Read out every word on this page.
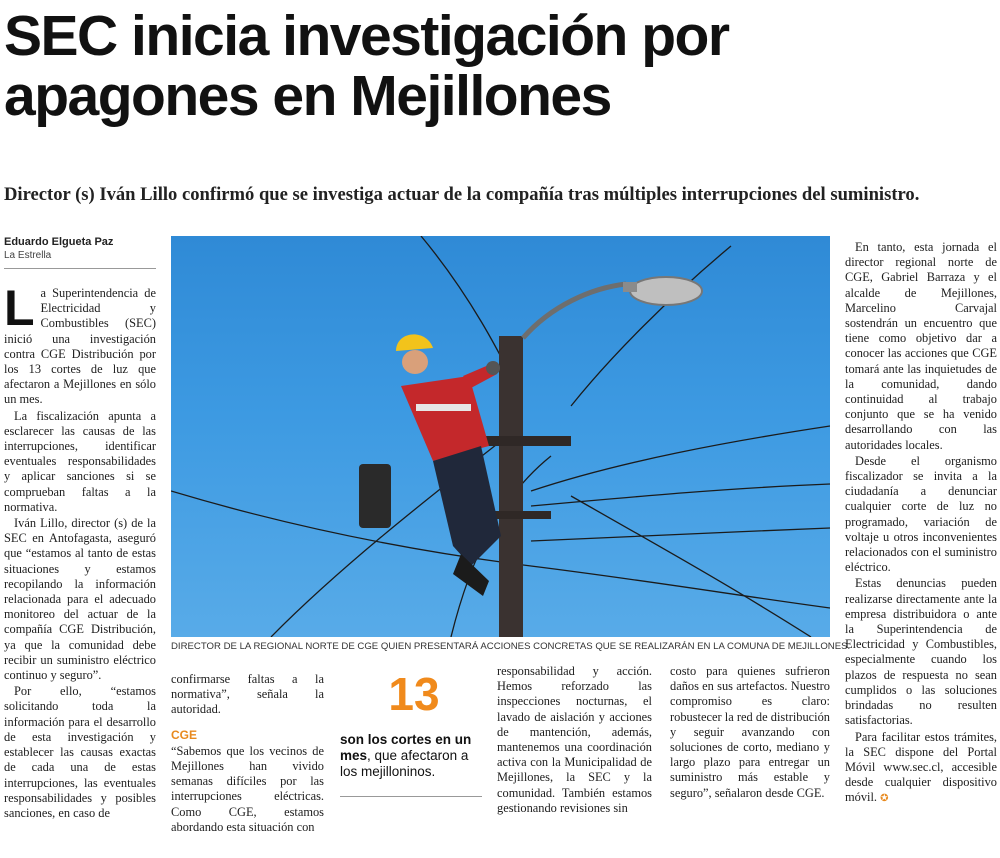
SEC inicia investigación por
apagones en Mejillones
Director (s) Iván Lillo confirmó que se investiga actuar de la compañía tras múltiples interrupciones del suministro.
Eduardo Elgueta Paz
La Estrella

La Superintendencia de Electricidad y Combustibles (SEC) inició una investigación contra CGE Distribución por los 13 cortes de luz que afectaron a Mejillones en sólo un mes.

La fiscalización apunta a esclarecer las causas de las interrupciones, identificar eventuales responsabilidades y aplicar sanciones si se comprueban faltas a la normativa.

Iván Lillo, director (s) de la SEC en Antofagasta, aseguró que “estamos al tanto de estas situaciones y estamos recopilando la información relacionada para el adecuado monitoreo del actuar de la compañía CGE Distribución, ya que la comunidad debe recibir un suministro eléctrico continuo y seguro”.

Por ello, “estamos solicitando toda la información para el desarrollo de esta investigación y establecer las causas exactas de cada una de estas interrupciones, las eventuales responsabilidades y posibles sanciones, en caso de

DIRECTOR DE LA REGIONAL NORTE DE CGE QUIEN PRESENTARÁ ACCIONES CONCRETAS QUE SE REALIZARÁN EN LA COMUNA DE MEJILLONES.

confirmarse faltas a la normativa”, señala la autoridad.

CGE

“Sabemos que los vecinos de Mejillones han vivido semanas difíciles por las interrupciones eléctricas. Como CGE, estamos abordando esta situación con

13
son los cortes en un mes, que afectaron a los mejilloninos.

responsabilidad y acción. Hemos reforzado las inspecciones nocturnas, el lavado de aislación y acciones de mantención, además, mantenemos una coordinación activa con la Municipalidad de Mejillones, la SEC y la comunidad. También estamos gestionando revisiones sin

costo para quienes sufrieron daños en sus artefactos. Nuestro compromiso es claro: robustecer la red de distribución y seguir avanzando con soluciones de corto, mediano y largo plazo para entregar un suministro más estable y seguro”, señalaron desde CGE.

En tanto, esta jornada el director regional norte de CGE, Gabriel Barraza y el alcalde de Mejillones, Marcelino Carvajal sostendrán un encuentro que tiene como objetivo dar a conocer las acciones que CGE tomará ante las inquietudes de la comunidad, dando continuidad al trabajo conjunto que se ha venido desarrollando con las autoridades locales.

Desde el organismo fiscalizador se invita a la ciudadanía a denunciar cualquier corte de luz no programado, variación de voltaje u otros inconvenientes relacionados con el suministro eléctrico.

Estas denuncias pueden realizarse directamente ante la empresa distribuidora o ante la Superintendencia de Electricidad y Combustibles, especialmente cuando los plazos de respuesta no sean cumplidos o las soluciones brindadas no resulten satisfactorias.

Para facilitar estos trámites, la SEC dispone del Portal Móvil www.sec.cl, accesible desde cualquier dispositivo móvil. ✪
